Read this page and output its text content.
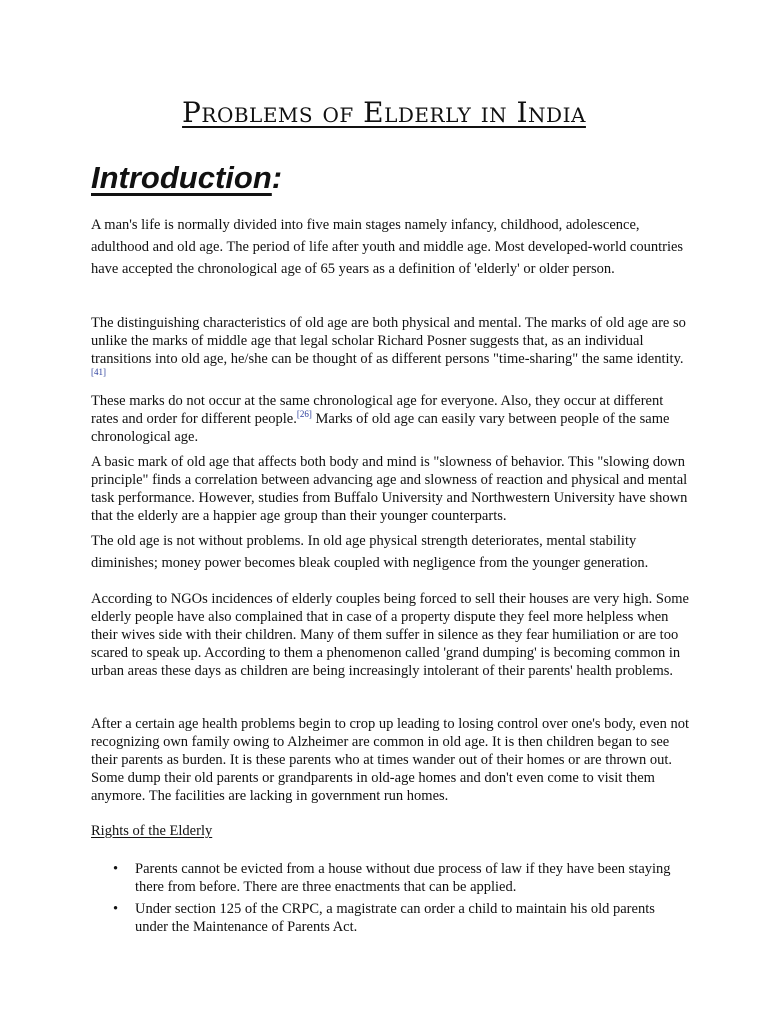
Problems of Elderly in India
Introduction:

A man's life is normally divided into five main stages namely infancy, childhood, adolescence, adulthood and old age. The period of life after youth and middle age. Most developed-world countries have accepted the chronological age of 65 years as a definition of 'elderly' or older person.

The distinguishing characteristics of old age are both physical and mental. The marks of old age are so unlike the marks of middle age that legal scholar Richard Posner suggests that, as an individual transitions into old age, he/she can be thought of as different persons "time-sharing" the same identity.[41]

These marks do not occur at the same chronological age for everyone. Also, they occur at different rates and order for different people.[26] Marks of old age can easily vary between people of the same chronological age.

A basic mark of old age that affects both body and mind is "slowness of behavior. This "slowing down principle" finds a correlation between advancing age and slowness of reaction and physical and mental task performance. However, studies from Buffalo University and Northwestern University have shown that the elderly are a happier age group than their younger counterparts.

The old age is not without problems. In old age physical strength deteriorates, mental stability diminishes; money power becomes bleak coupled with negligence from the younger generation.

According to NGOs incidences of elderly couples being forced to sell their houses are very high. Some elderly people have also complained that in case of a property dispute they feel more helpless when their wives side with their children. Many of them suffer in silence as they fear humiliation or are too scared to speak up. According to them a phenomenon called 'grand dumping' is becoming common in urban areas these days as children are being increasingly intolerant of their parents' health problems.

After a certain age health problems begin to crop up leading to losing control over one's body, even not recognizing own family owing to Alzheimer are common in old age. It is then children began to see their parents as burden. It is these parents who at times wander out of their homes or are thrown out. Some dump their old parents or grandparents in old-age homes and don't even come to visit them anymore. The facilities are lacking in government run homes.

Rights of the Elderly

• Parents cannot be evicted from a house without due process of law if they have been staying there from before. There are three enactments that can be applied.
• Under section 125 of the CRPC, a magistrate can order a child to maintain his old parents under the Maintenance of Parents Act.
